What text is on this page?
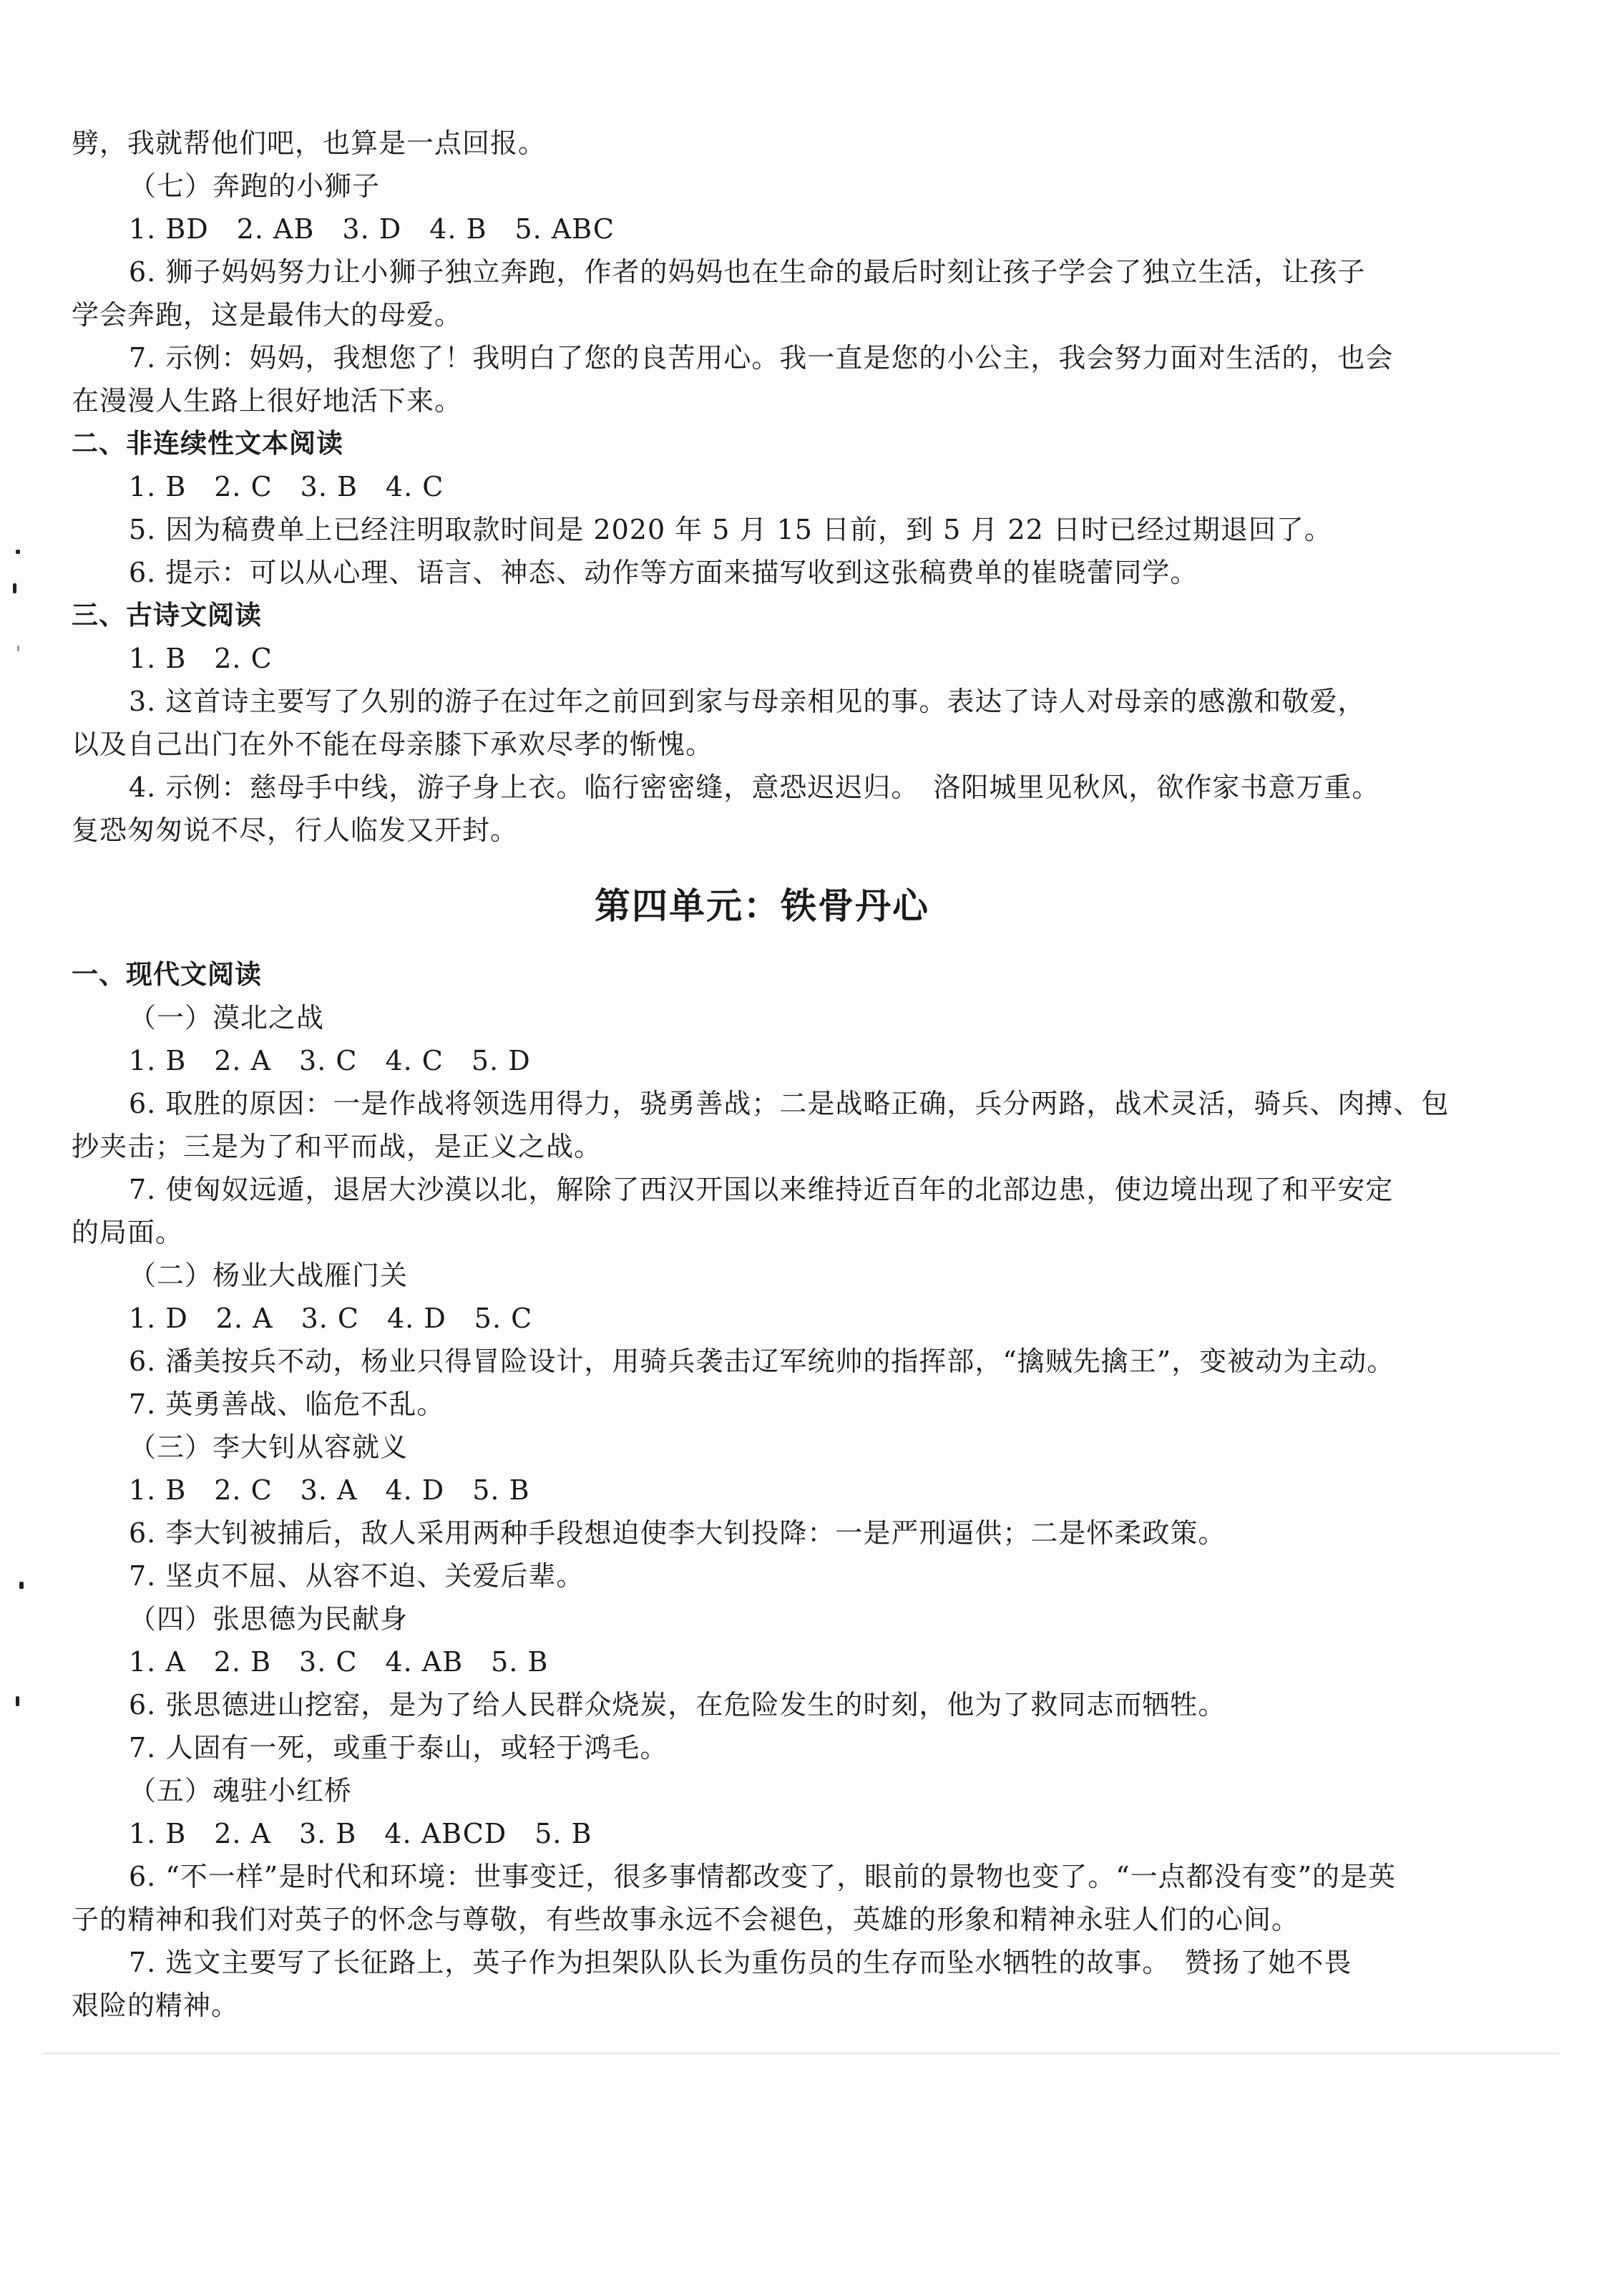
劈，我就帮他们吧，也算是一点回报。
（七）奔跑的小狮子
1. BD　2. AB　3. D　4. B　5. ABC
6. 狮子妈妈努力让小狮子独立奔跑，作者的妈妈也在生命的最后时刻让孩子学会了独立生活，让孩子
学会奔跑，这是最伟大的母爱。
7. 示例：妈妈，我想您了！我明白了您的良苦用心。我一直是您的小公主，我会努力面对生活的，也会
在漫漫人生路上很好地活下来。
二、非连续性文本阅读
1. B　2. C　3. B　4. C
5. 因为稿费单上已经注明取款时间是 2020 年 5 月 15 日前，到 5 月 22 日时已经过期退回了。
6. 提示：可以从心理、语言、神态、动作等方面来描写收到这张稿费单的崔晓蕾同学。
三、古诗文阅读
1. B　2. C
3. 这首诗主要写了久别的游子在过年之前回到家与母亲相见的事。表达了诗人对母亲的感激和敬爱，
以及自己出门在外不能在母亲膝下承欢尽孝的惭愧。
4. 示例：慈母手中线，游子身上衣。临行密密缝，意恐迟迟归。　洛阳城里见秋风，欲作家书意万重。
复恐匆匆说不尽，行人临发又开封。
第四单元：铁骨丹心
一、现代文阅读
（一）漠北之战
1. B　2. A　3. C　4. C　5. D
6. 取胜的原因：一是作战将领选用得力，骁勇善战；二是战略正确，兵分两路，战术灵活，骑兵、肉搏、包
抄夹击；三是为了和平而战，是正义之战。
7. 使匈奴远遁，退居大沙漠以北，解除了西汉开国以来维持近百年的北部边患，使边境出现了和平安定
的局面。
（二）杨业大战雁门关
1. D　2. A　3. C　4. D　5. C
6. 潘美按兵不动，杨业只得冒险设计，用骑兵袭击辽军统帅的指挥部，“擒贼先擒王”，变被动为主动。
7. 英勇善战、临危不乱。
（三）李大钊从容就义
1. B　2. C　3. A　4. D　5. B
6. 李大钊被捕后，敌人采用两种手段想迫使李大钊投降：一是严刑逼供；二是怀柔政策。
7. 坚贞不屈、从容不迫、关爱后辈。
（四）张思德为民献身
1. A　2. B　3. C　4. AB　5. B
6. 张思德进山挖窑，是为了给人民群众烧炭，在危险发生的时刻，他为了救同志而牺牲。
7. 人固有一死，或重于泰山，或轻于鸿毛。
（五）魂驻小红桥
1. B　2. A　3. B　4. ABCD　5. B
6. “不一样”是时代和环境：世事变迁，很多事情都改变了，眼前的景物也变了。“一点都没有变”的是英
子的精神和我们对英子的怀念与尊敬，有些故事永远不会褪色，英雄的形象和精神永驻人们的心间。
7. 选文主要写了长征路上，英子作为担架队队长为重伤员的生存而坠水牺牲的故事。　赞扬了她不畏
艰险的精神。
